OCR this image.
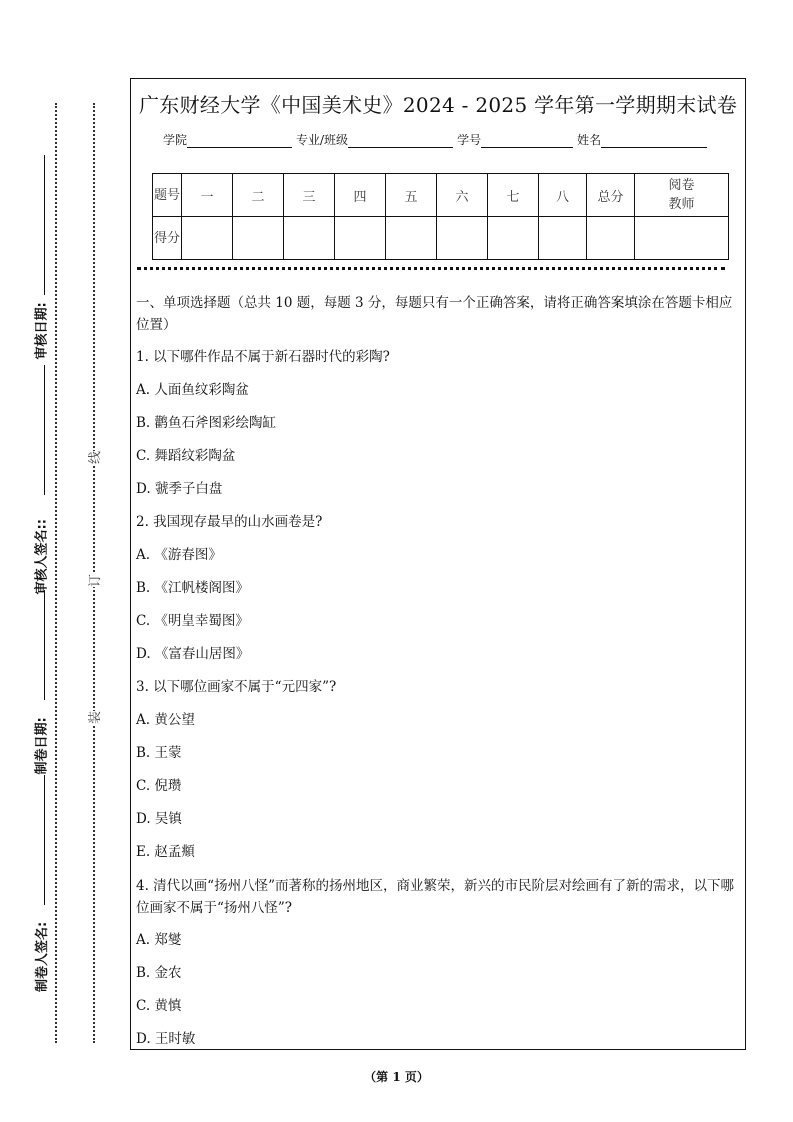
审核日期:
审核人签名::
制卷日期:
制卷人签名:
线
订
装
广东财经大学《中国美术史》2024 - 2025 学年第一学期期末试卷
学院	专业/班级	学号	姓名
题号	一	二	三	四	五	六	七	八	总分	阅卷教师
得分										
一、单项选择题（总共 10 题，每题 3 分，每题只有一个正确答案，请将正确答案填涂在答题卡相应位置）
1. 以下哪件作品不属于新石器时代的彩陶?
A. 人面鱼纹彩陶盆
B. 鹳鱼石斧图彩绘陶缸
C. 舞蹈纹彩陶盆
D. 虢季子白盘
2. 我国现存最早的山水画卷是?
A. 《游春图》
B. 《江帆楼阁图》
C. 《明皇幸蜀图》
D. 《富春山居图》
3. 以下哪位画家不属于“元四家”?
A. 黄公望
B. 王蒙
C. 倪瓒
D. 吴镇
E. 赵孟頫
4. 清代以画“扬州八怪”而著称的扬州地区，商业繁荣，新兴的市民阶层对绘画有了新的需求，以下哪位画家不属于“扬州八怪”?
A. 郑燮
B. 金农
C. 黄慎
D. 王时敏
（第 1 页）
